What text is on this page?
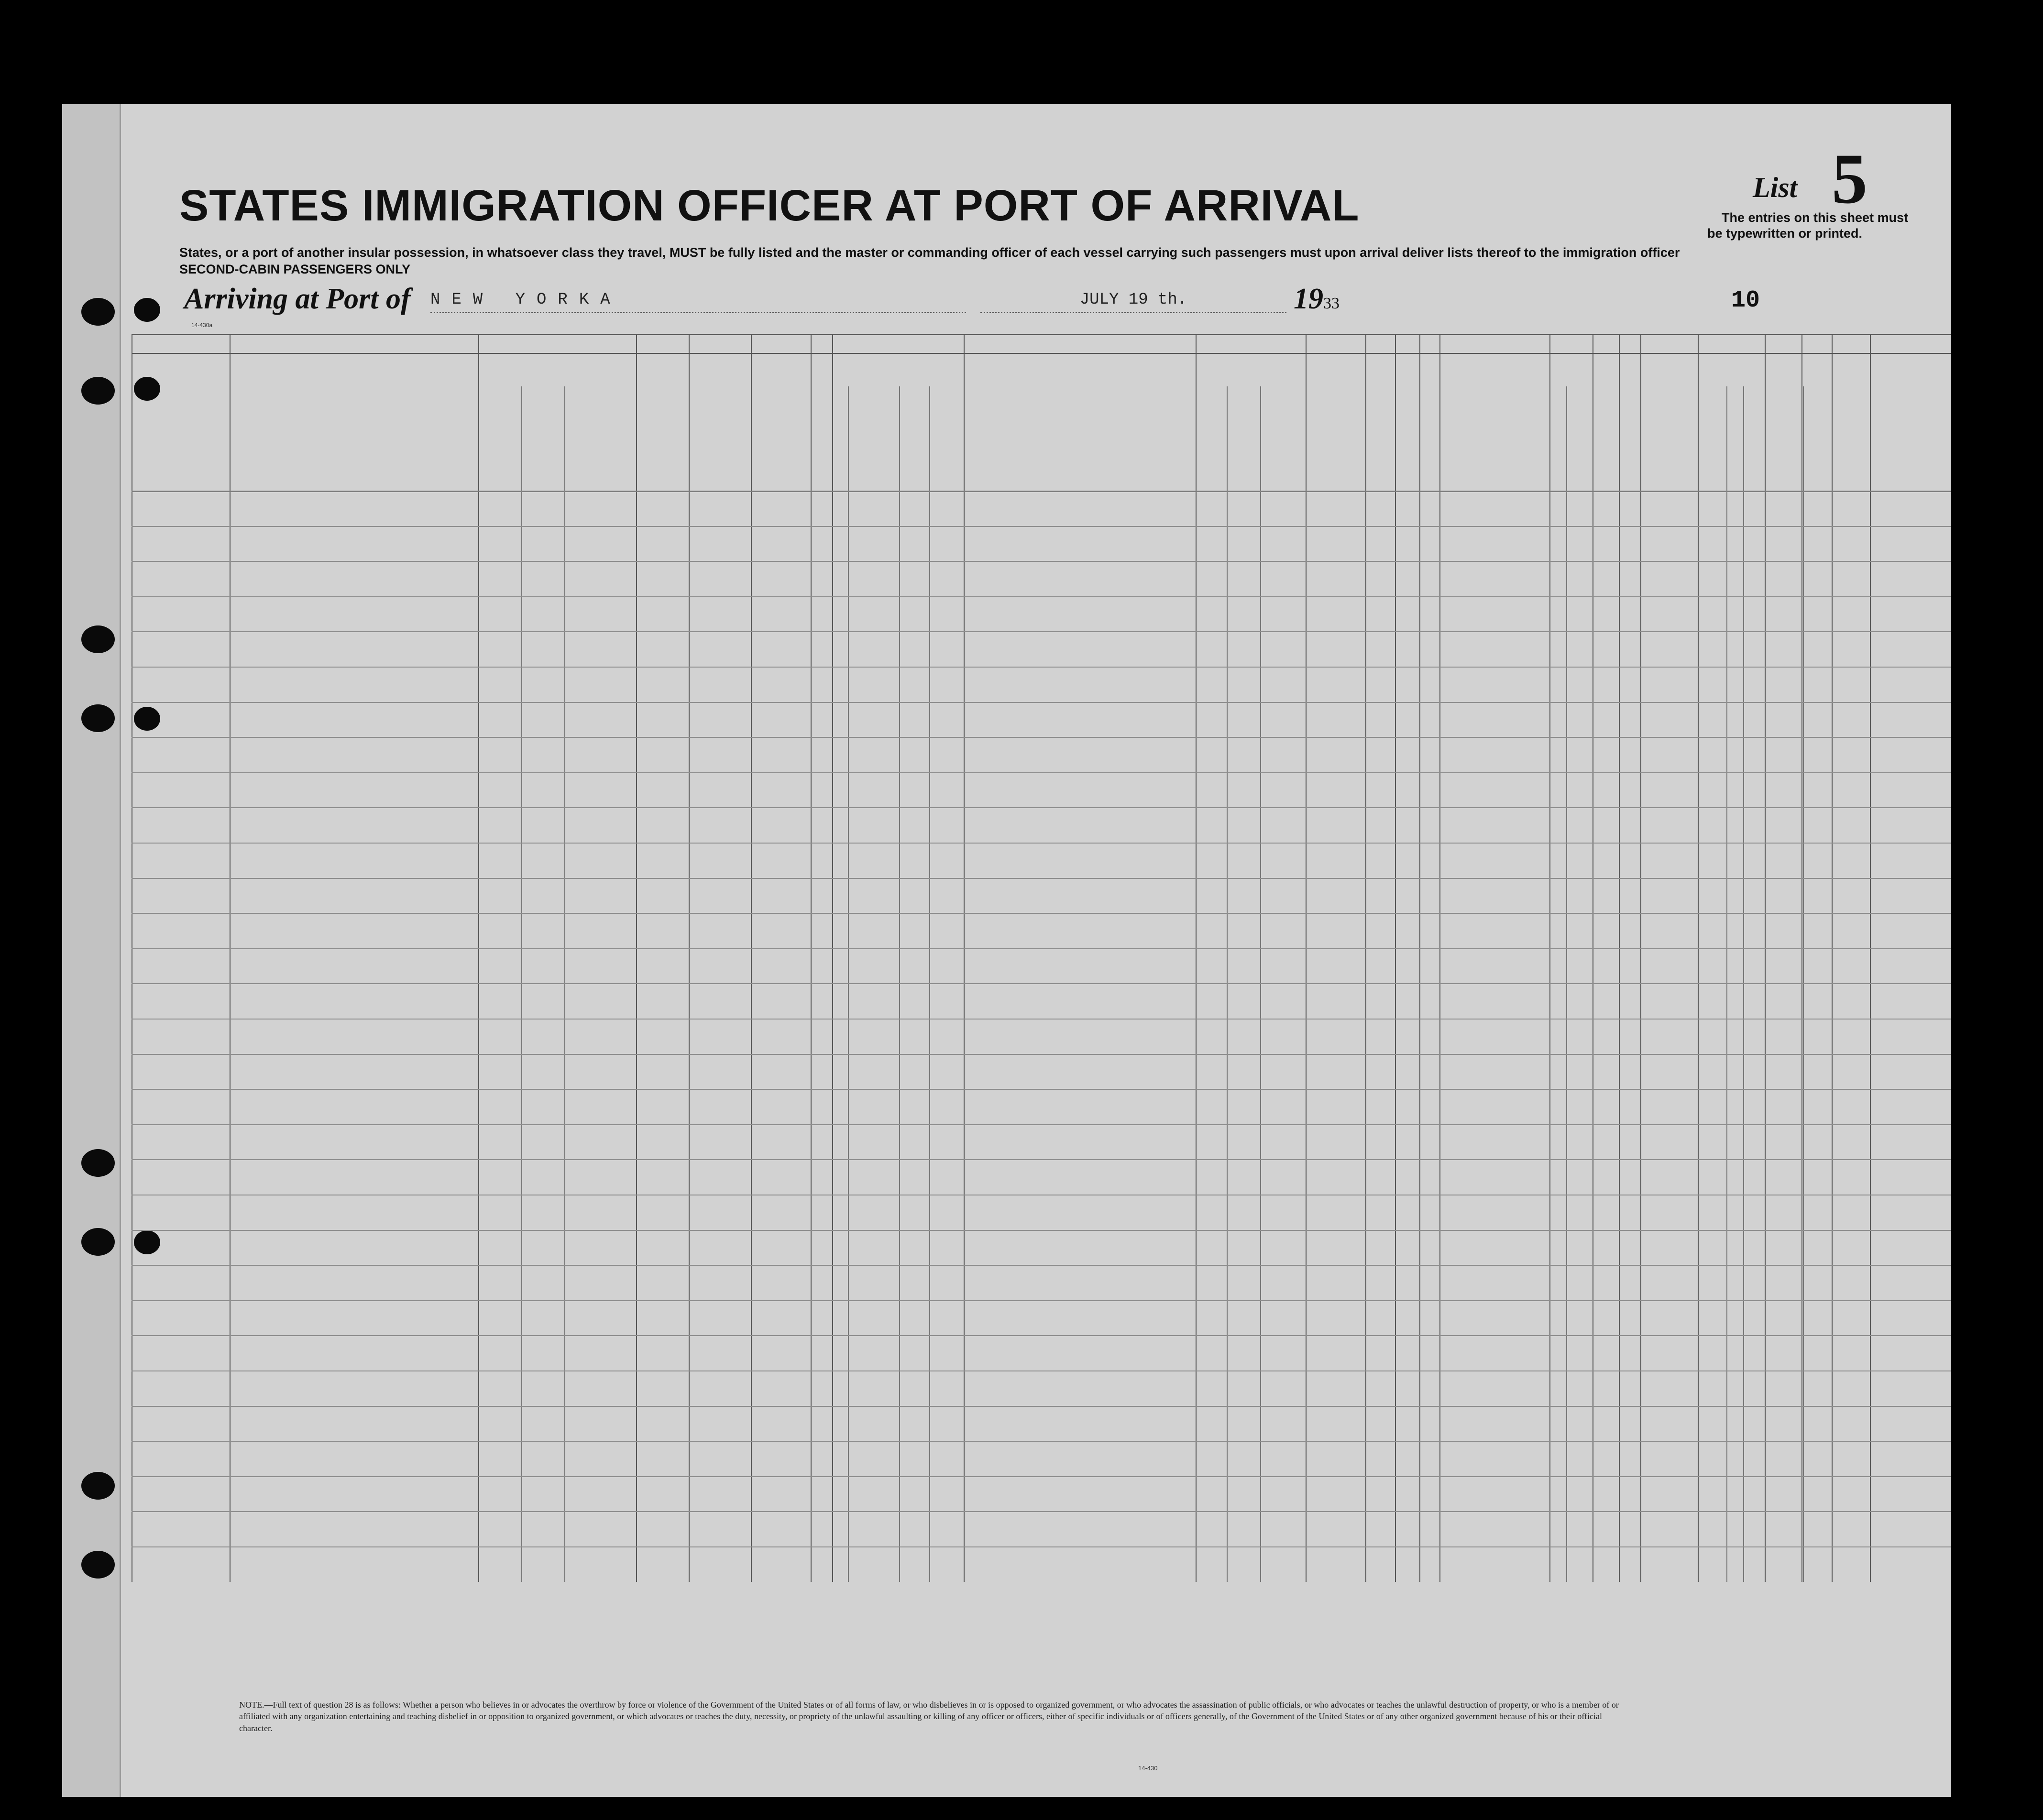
STATES IMMIGRATION OFFICER AT PORT OF ARRIVAL
States, or a port of another insular possession, in whatsoever class they travel, MUST be fully listed and the master or commanding officer of each vessel carrying such passengers must upon arrival deliver lists thereof to the immigration officer
SECOND-CABIN PASSENGERS ONLY
List 5
The entries on this sheet must
be typewritten or printed.
Arriving at Port of NEW YORKA	JULY 19 th.	1933	10
14-430a
NOTE.—Full text of question 28 is as follows: Whether a person who believes in or advocates the overthrow by force or violence of the Government of the United States or of all forms of law, or who disbelieves in or is opposed to organized government, or who advocates the assassination of public officials, or who advocates or teaches the unlawful destruction of property, or who is a member of or affiliated with any organization entertaining and teaching disbelief in or opposition to organized government, or which advocates or teaches the duty, necessity, or propriety of the unlawful assaulting or killing of any officer or officers, either of specific individuals or of officers generally, of the Government of the United States or of any other organized government because of his or their official character.
14-430
